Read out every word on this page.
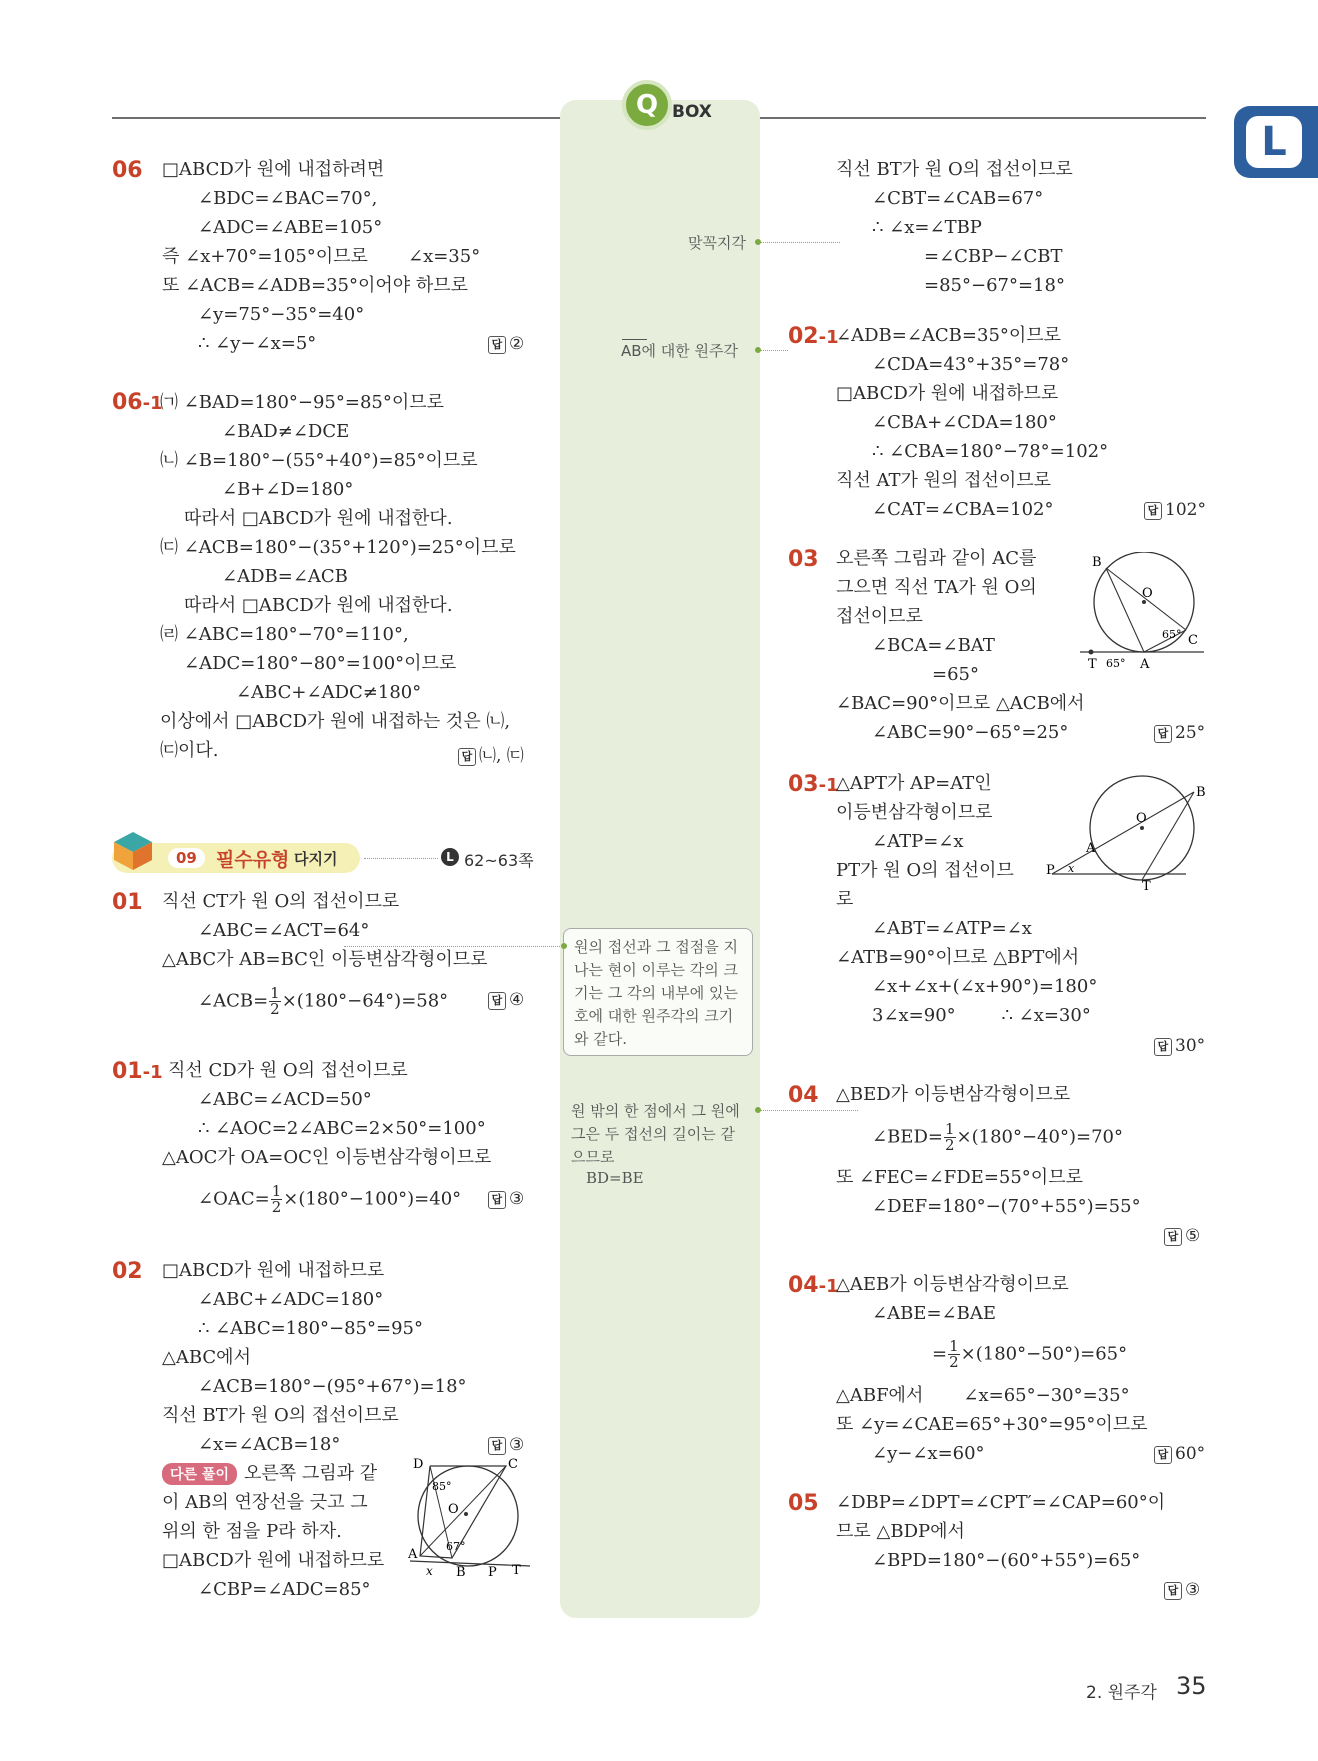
Q BOX
L
06 □ABCD가 원에 내접하려면
∠BDC=∠BAC=70°,
∠ADC=∠ABE=105°
즉 ∠x+70°=105°이므로       ∠x=35°
또 ∠ACB=∠ADB=35°이어야 하므로
∠y=75°−35°=40°
∴ ∠y−∠x=5°	답 ②
06-1
㈀ ∠BAD=180°−95°=85°이므로
∠BAD≠∠DCE
㈁ ∠B=180°−(55°+40°)=85°이므로
∠B+∠D=180°
따라서 □ABCD가 원에 내접한다.
㈂ ∠ACB=180°−(35°+120°)=25°이므로
∠ADB=∠ACB
따라서 □ABCD가 원에 내접한다.
㈃ ∠ABC=180°−70°=110°,
∠ADC=180°−80°=100°이므로
∠ABC+∠ADC≠180°
이상에서 □ABCD가 원에 내접하는 것은 ㈁,
㈂이다.	답 ㈁, ㈂
09	필수유형 다지기	L 62~63쪽
01 직선 CT가 원 O의 접선이므로
∠ABC=∠ACT=64°
△ABC가 AB=BC인 이등변삼각형이므로
∠ACB= $\frac{1}{2} \times(180^\circ-64^\circ)=58^\circ$	답 ④
01-1 직선 CD가 원 O의 접선이므로
∠ABC=∠ACD=50°
∴ ∠AOC=2∠ABC=2×50°=100°
△AOC가 OA=OC인 이등변삼각형이므로
∠OAC= $\frac{1}{2} \times(180^\circ-100^\circ)=40^\circ$	답 ③
02 □ABCD가 원에 내접하므로
∠ABC+∠ADC=180°
∴ ∠ABC=180°−85°=95°
△ABC에서
∠ACB=180°−(95°+67°)=18°
직선 BT가 원 O의 접선이므로
∠x=∠ACB=18°	답 ③
다른 풀이 오른쪽 그림과 같
이 AB의 연장선을 긋고 그
위의 한 점을 P라 하자.
□ABCD가 원에 내접하므로
∠CBP=∠ADC=85°
D	C
O
A
B P T
x
85°
67°
맞꼭지각
AB에 대한 원주각
원의 접선과 그 접점을 지
나는 현이 이루는 각의 크
기는 그 각의 내부에 있는
호에 대한 원주각의 크기
와 같다.
원 밖의 한 점에서 그 원에
그은 두 접선의 길이는 같
으므로
BD=BE
직선 BT가 원 O의 접선이므로
∠CBT=∠CAB=67°
∴ ∠x=∠TBP
=∠CBP−∠CBT
=85°−67°=18°
02-1
∠ADB=∠ACB=35°이므로
∠CDA=43°+35°=78°
□ABCD가 원에 내접하므로
∠CBA+∠CDA=180°
∴ ∠CBA=180°−78°=102°
직선 AT가 원의 접선이므로
∠CAT=∠CBA=102°	답 102°
03 오른쪽 그림과 같이 AC를
그으면 직선 TA가 원 O의
접선이므로
∠BCA=∠BAT
=65°
∠BAC=90°이므로 △ACB에서
∠ABC=90°−65°=25°	답 25°
B
O
C
T	A
65°
65°
03-1
△APT가 AP=AT인
이등변삼각형이므로
∠ATP=∠x
PT가 원 O의 접선이므
로
∠ABT=∠ATP=∠x
∠ATB=90°이므로 △BPT에서
∠x+∠x+(∠x+90°)=180°
3∠x=90°        ∴ ∠x=30°
답 30°
B
O
A
P
T
x
04 △BED가 이등변삼각형이므로
∠BED= $\frac{1}{2} \times(180^\circ-40^\circ)=70^\circ$
또 ∠FEC=∠FDE=55°이므로
∠DEF=180°−(70°+55°)=55°
답 ⑤
04-1
△AEB가 이등변삼각형이므로
∠ABE=∠BAE
= $\frac{1}{2} \times(180^\circ-50^\circ)=65^\circ$
△ABF에서       ∠x=65°−30°=35°
또 ∠y=∠CAE=65°+30°=95°이므로
∠y−∠x=60°	답 60°
05 ∠DBP=∠DPT=∠CPT′=∠CAP=60°이
므로 △BDP에서
∠BPD=180°−(60°+55°)=65°
답 ③
2. 원주각 35
